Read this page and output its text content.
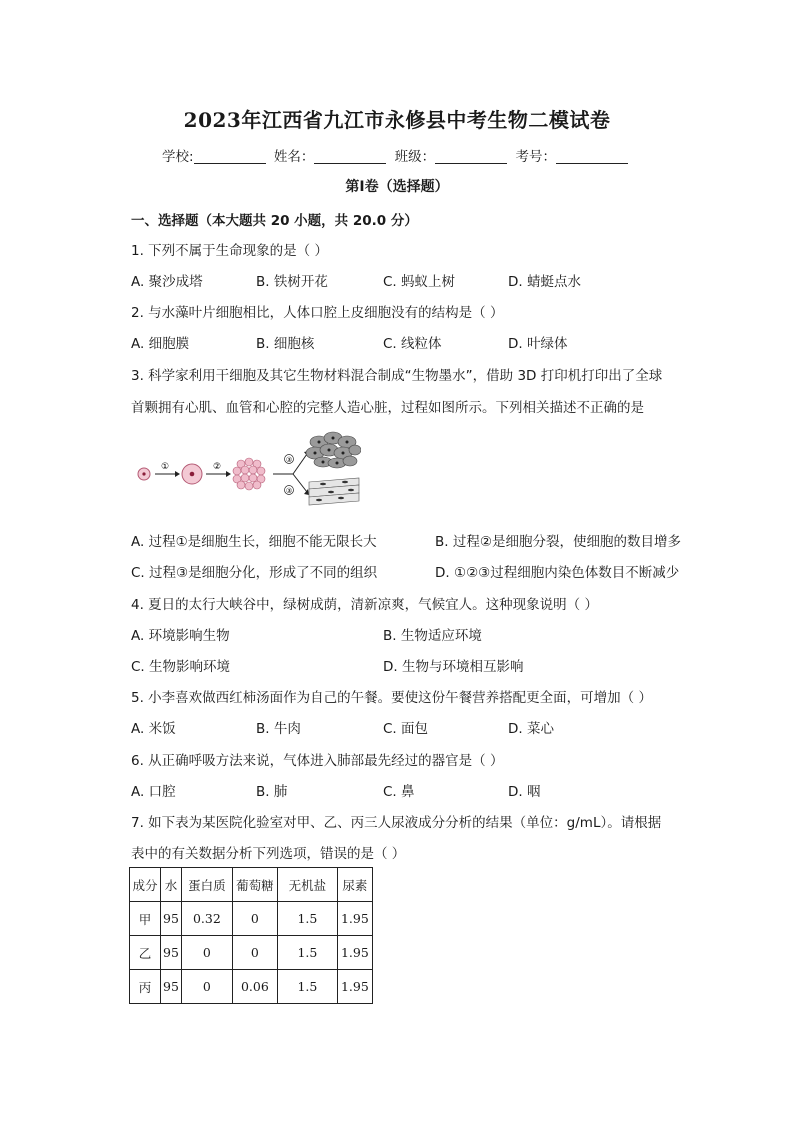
2023年江西省九江市永修县中考生物二模试卷
学校:	姓名：	班级：	考号：
第I卷（选择题）
一、选择题（本大题共 20 小题，共 20.0 分）
1. 下列不属于生命现象的是（ ）
A. 聚沙成塔	B. 铁树开花	C. 蚂蚁上树	D. 蜻蜓点水
2. 与水藻叶片细胞相比，人体口腔上皮细胞没有的结构是（ ）
A. 细胞膜	B. 细胞核	C. 线粒体	D. 叶绿体
3. 科学家利用干细胞及其它生物材料混合制成“生物墨水”，借助 3D 打印机打印出了全球
首颗拥有心肌、血管和心腔的完整人造心脏，过程如图所示。下列相关描述不正确的是
①	②
③
③
A. 过程①是细胞生长，细胞不能无限长大	B. 过程②是细胞分裂，使细胞的数目增多
C. 过程③是细胞分化，形成了不同的组织	D. ①②③过程细胞内染色体数目不断减少
4. 夏日的太行大峡谷中，绿树成荫，清新凉爽，气候宜人。这种现象说明（ ）
A. 环境影响生物	B. 生物适应环境
C. 生物影响环境	D. 生物与环境相互影响
5. 小李喜欢做西红柿汤面作为自己的午餐。要使这份午餐营养搭配更全面，可增加（ ）
A. 米饭	B. 牛肉	C. 面包	D. 菜心
6. 从正确呼吸方法来说，气体进入肺部最先经过的器官是（ ）
A. 口腔	B. 肺	C. 鼻	D. 咽
7. 如下表为某医院化验室对甲、乙、丙三人尿液成分分析的结果（单位：g/mL）。请根据
表中的有关数据分析下列选项，错误的是（ ）
成分	水	蛋白质	葡萄糖	无机盐	尿素
甲	95	0.32	0	1.5	1.95
乙	95	0	0	1.5	1.95
丙	95	0	0.06	1.5	1.95
